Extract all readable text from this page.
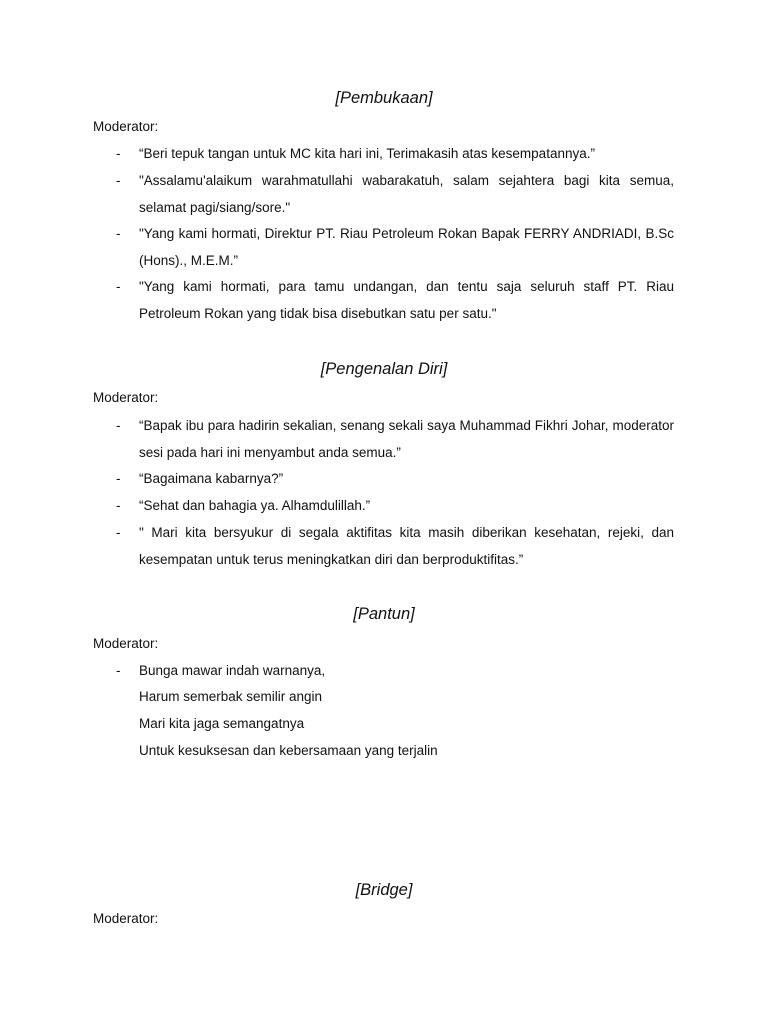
[Pembukaan]
Moderator:
- “Beri tepuk tangan untuk MC kita hari ini, Terimakasih atas kesempatannya.”
- "Assalamu'alaikum warahmatullahi wabarakatuh, salam sejahtera bagi kita semua, selamat pagi/siang/sore."
- "Yang kami hormati, Direktur PT. Riau Petroleum Rokan Bapak FERRY ANDRIADI, B.Sc (Hons)., M.E.M.”
- "Yang kami hormati, para tamu undangan, dan tentu saja seluruh staff PT. Riau Petroleum Rokan yang tidak bisa disebutkan satu per satu."
[Pengenalan Diri]
Moderator:
- “Bapak ibu para hadirin sekalian, senang sekali saya Muhammad Fikhri Johar, moderator sesi pada hari ini menyambut anda semua.”
- “Bagaimana kabarnya?”
- “Sehat dan bahagia ya. Alhamdulillah.”
- " Mari kita bersyukur di segala aktifitas kita masih diberikan kesehatan, rejeki, dan kesempatan untuk terus meningkatkan diri dan berproduktifitas.”
[Pantun]
Moderator:
- Bunga mawar indah warnanya,
Harum semerbak semilir angin
Mari kita jaga semangatnya
Untuk kesuksesan dan kebersamaan yang terjalin
[Bridge]
Moderator:
